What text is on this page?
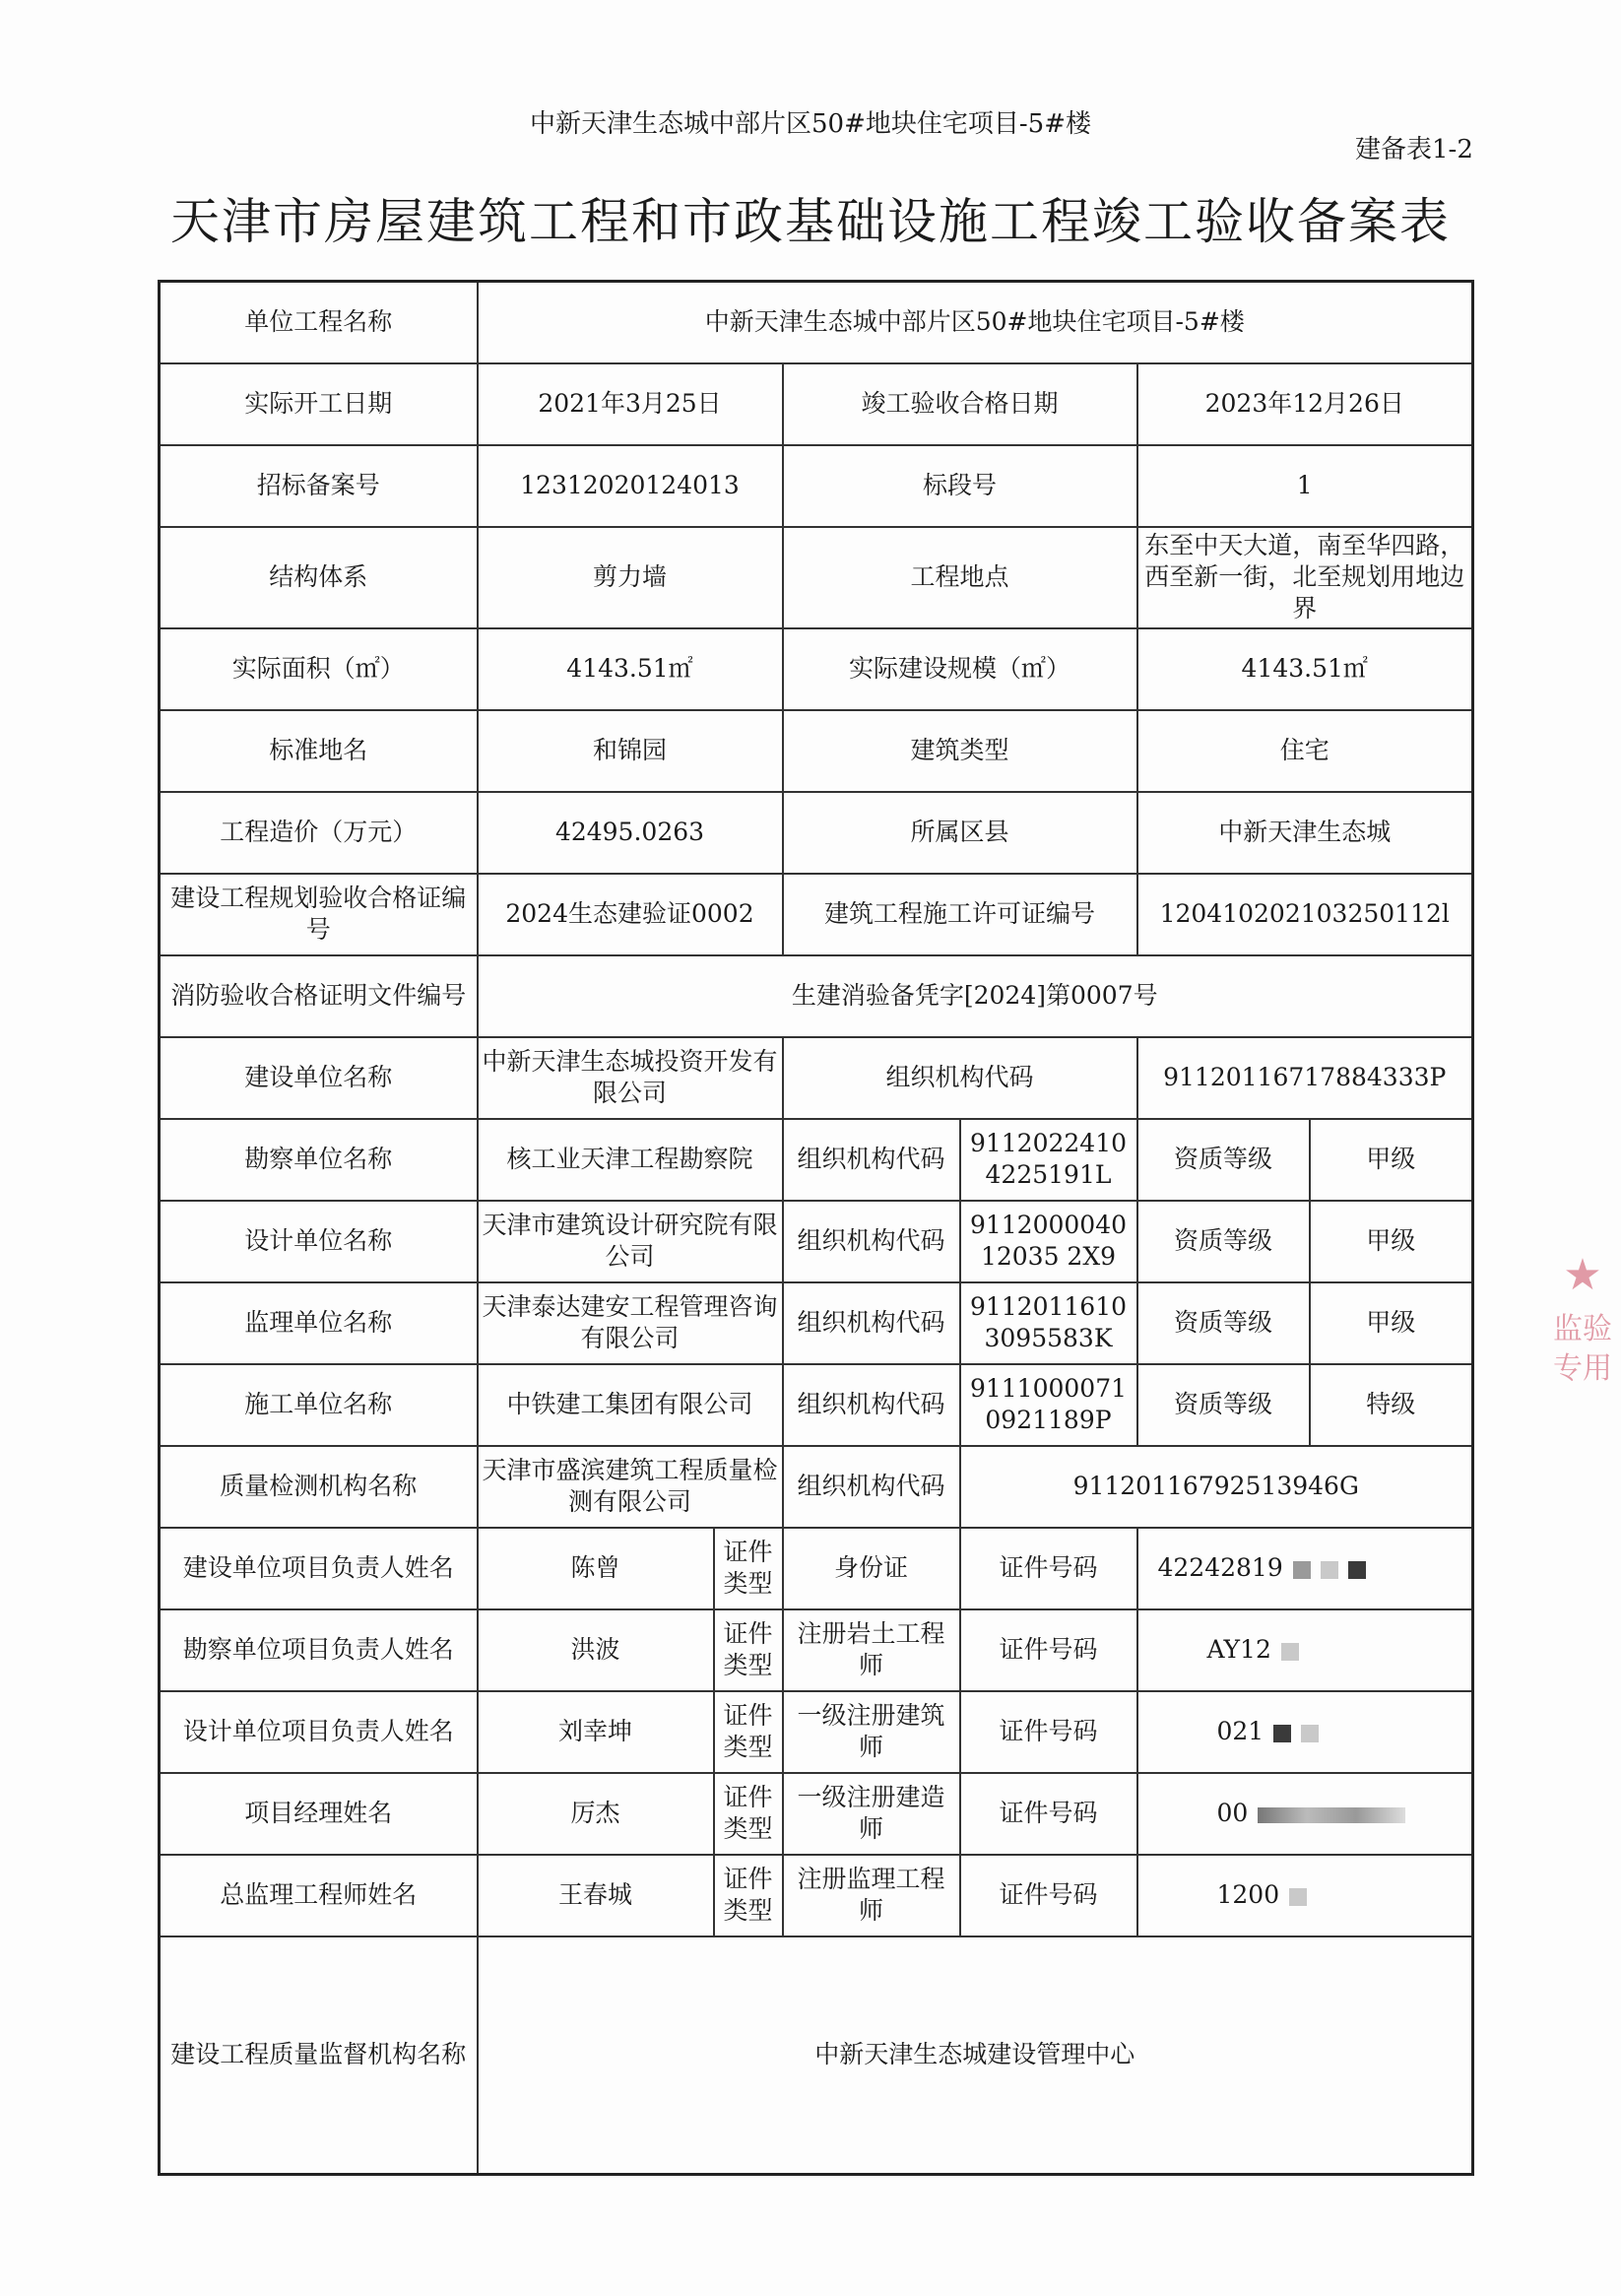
中新天津生态城中部片区50#地块住宅项目-5#楼
建备表1-2
天津市房屋建筑工程和市政基础设施工程竣工验收备案表
单位工程名称	中新天津生态城中部片区50#地块住宅项目-5#楼					
实际开工日期	2021年3月25日		竣工验收合格日期		2023年12月26日	
招标备案号	12312020124013		标段号		1	
结构体系	剪力墙		工程地点		东至中天大道，南至华四路，西至新一街，北至规划用地边界	
实际面积（㎡）	4143.51㎡		实际建设规模（㎡）		4143.51㎡	
标准地名	和锦园		建筑类型		住宅	
工程造价（万元）	42495.0263		所属区县		中新天津生态城	
建设工程规划验收合格证编号	2024生态建验证0002		建筑工程施工许可证编号		120410202103250112l	
消防验收合格证明文件编号	生建消验备凭字[2024]第0007号					
建设单位名称	中新天津生态城投资开发有限公司		组织机构代码		91120116717884333P	
勘察单位名称	核工业天津工程勘察院		组织机构代码	91120224104225191L	资质等级	甲级
设计单位名称	天津市建筑设计研究院有限公司		组织机构代码	911200004012035 2X9	资质等级	甲级
监理单位名称	天津泰达建安工程管理咨询有限公司		组织机构代码	91120116103095583K	资质等级	甲级
施工单位名称	中铁建工集团有限公司		组织机构代码	91110000710921189P	资质等级	特级
质量检测机构名称	天津市盛滨建筑工程质量检测有限公司		组织机构代码	91120116792513946G		
建设单位项目负责人姓名	陈曾	证件类型	身份证	证件号码	42242819	
勘察单位项目负责人姓名	洪波	证件类型	注册岩土工程师	证件号码	AY12	
设计单位项目负责人姓名	刘幸坤	证件类型	一级注册建筑师	证件号码	021	
项目经理姓名	厉杰	证件类型	一级注册建造师	证件号码	00	
总监理工程师姓名	王春城	证件类型	注册监理工程师	证件号码	1200	
建设工程质量监督机构名称	中新天津生态城建设管理中心					
★
监验 专用
